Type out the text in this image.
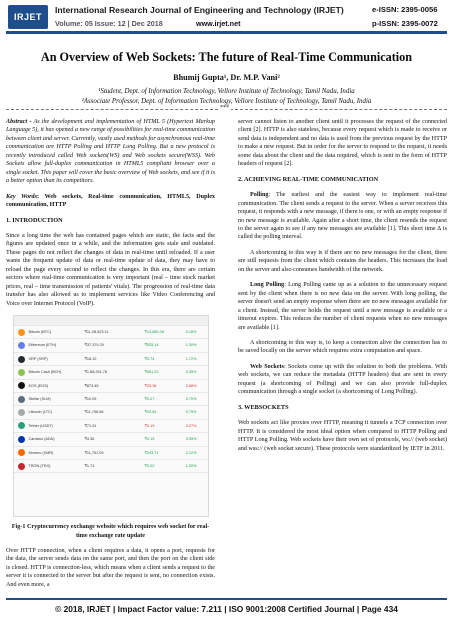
IRJET
International Research Journal of Engineering and Technology (IRJET)	e-ISSN: 2395-0056
Volume: 05 Issue: 12 | Dec 2018	www.irjet.net	p-ISSN: 2395-0072
An Overview of Web Sockets: The future of Real-Time Communication
Bhumij Gupta¹, Dr. M.P. Vani²
¹Student, Dept. of Information Technology, Vellore Institute of Technology, Tamil Nadu, India
²Associate Professor, Dept. of Information Technology, Vellore Institute of Technology, Tamil Nadu, India
***

Abstract - As the development and implementation of HTML 5 (Hypertext Markup Language 5), it has opened a new range of possibilities for real-time communication between client and server. Currently, vastly used methods for asynchronous real-time communication are HTTP Polling and HTTP Long Polling. But a new protocol is recently introduced called Web sockets(WS) and Web sockets secure(WSS). Web Sockets allow full-duplex communication in HTML5 compliant browser over a single socket. This paper will cover the basic overview of Web sockets, and see if it is a better option than its competitors.

Key Words: Web sockets, Real-time communication, HTML5, Duplex communication, HTTP

1. INTRODUCTION

Since a long time the web has contained pages which are static, the facts and the figures are updated once in a while, and the information gets stale and outdated. These pages do not reflect the changes of data in real-time until reloaded. If a user wants the frequent update of data or real-time update of data, they may have to reload the page every second to reflect the changes. In this era, there are certain sectors where real-time communication is very important (real – time stock market prices, real – time transmission of patients' vitals). The progression of real-time data transfer has also allowed us to implement services like Video Conferencing and Voice over Internet Protocol (VoIP).

Bitcoin (BTC)	₹11,28,623.11	₹14,655.06	0.16%
Ethereum (ETH)	₹37,379.20	₹525.14	1.30%
XRP (XRP)	₹18.10	₹0.74	1.72%
Bitcoin Cash (BCH)	₹1,88,261.76	₹661.22	0.35%
EOS (EOS)	₹873.45	₹25.36	2.88%
Stellar (XLM)	₹10.09	₹0.07	0.70%
Litecoin (LTC)	₹11,798.56	₹92.64	0.79%
Tether (USDT)	₹71.31	₹0.19	0.27%
Cardano (ADA)	₹4.36	₹0.15	3.55%
Monero (XMR)	₹11,751.09	₹243.71	2.12%
TRON (TRX)	₹1.71	₹0.02	1.30%

Fig-1 Cryptocurrency exchange website which requires web socket for real-time exchange rate update

Over HTTP connection, when a client requires a data, it opens a port, requests for the data, the server sends data on the same port, and then the port on the client side is closed. HTTP is connection-less, which means when a client sends a request to the server it is connected to the server but after the request is sent, no connection exists. And even more, a

server cannot listen to another client until it processes the request of the connected client [2]. HTTP is also stateless, because every request which is made to receive or send data is independent and no data is used from the previous request by the HTTP to make a new request. But in order for the server to respond to the request, it needs some data about the client and the data required, which is sent in the form of HTTP headers of request [2].

2. ACHIEVING REAL-TIME COMMUNICATION

Polling: The earliest and the easiest way to implement real-time communication. The client sends a request to the server. When a server receives this request, it responds with a new message, if there is one, or with an empty response if no new message is available. Again after a short time, the client resends the request to the server again to see if any new messages are available [1]. This short time ∆ is called the polling interval.

A shortcoming to this way is if there are no new messages for the client, there are still requests from the client which contains the headers. This increases the load on the server and also consumes bandwidth of the network.

Long Polling: Long Polling came up as a solution to the unnecessary request sent by the client when there is no new data on the server. With long polling, the server doesn't send an empty response when there are no new messages available for a client. Instead, the server holds the request until a new message is available or a timeout expires. This reduces the number of client requests when no new messages are available [1].

A shortcoming to this way is, to keep a connection alive the connection has to be saved locally on the server which requires extra computation and space.

Web Sockets: Sockets come up with the solution to both the problems. With web sockets, we can reduce the metadata (HTTP headers) that are sent in every request (a shortcoming of Polling) and we can also provide full-duplex communication through a single socket (a shortcoming of Long Polling).

3. WEBSOCKETS

Web sockets act like proxies over HTTP, meaning it tunnels a TCP connection over HTTP. It is considered the most ideal option when compared to HTTP Polling and HTTP Long Polling. Web sockets have their own set of protocols, ws:// (web socket) and wss:// (web socket secure). These protocols were standardized by IETF in 2011.

© 2018, IRJET | Impact Factor value: 7.211 | ISO 9001:2008 Certified Journal | Page 434
